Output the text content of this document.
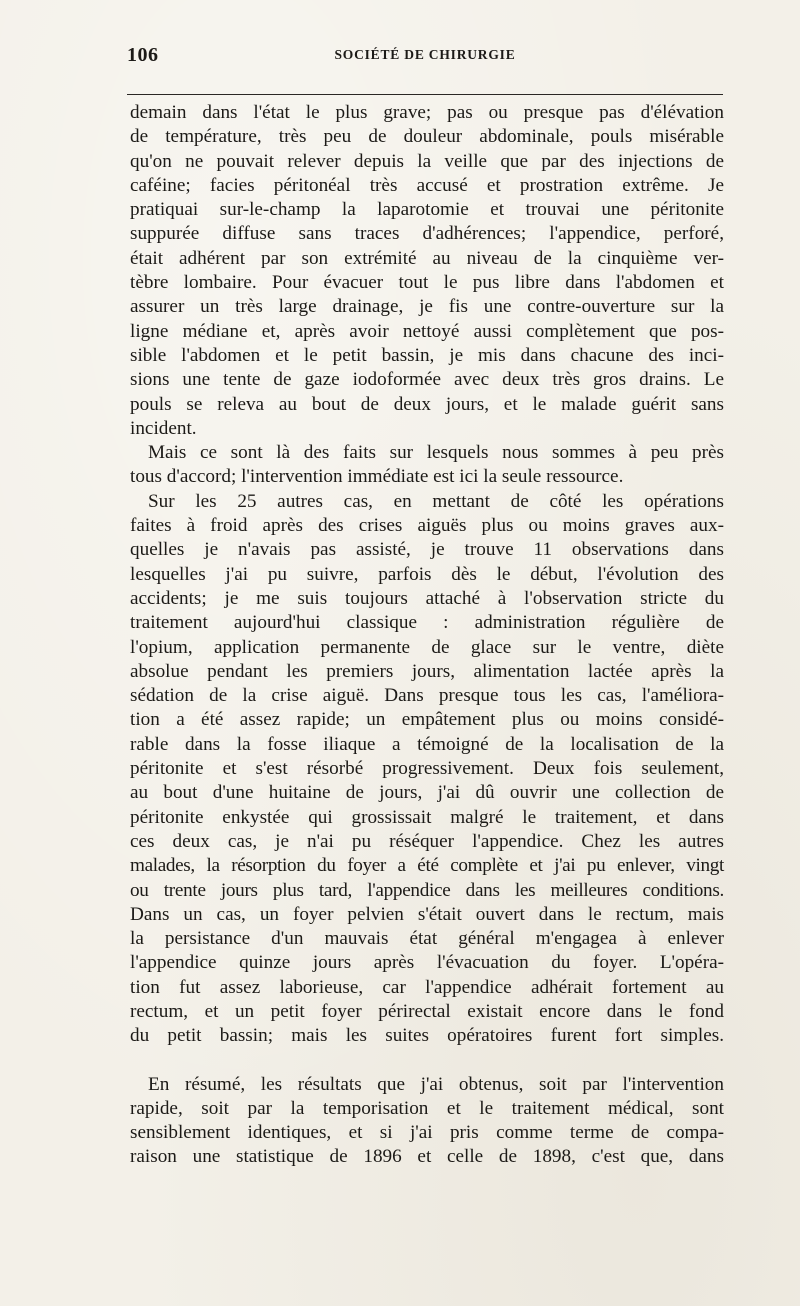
106	SOCIÉTÉ DE CHIRURGIE

demain dans l'état le plus grave; pas ou presque pas d'élévation

de température, très peu de douleur abdominale, pouls misérable

qu'on ne pouvait relever depuis la veille que par des injections de

caféine; facies péritonéal très accusé et prostration extrême. Je

pratiquai sur-le-champ la laparotomie et trouvai une péritonite

suppurée diffuse sans traces d'adhérences; l'appendice, perforé,

était adhérent par son extrémité au niveau de la cinquième ver-

tèbre lombaire. Pour évacuer tout le pus libre dans l'abdomen et

assurer un très large drainage, je fis une contre-ouverture sur la

ligne médiane et, après avoir nettoyé aussi complètement que pos-

sible l'abdomen et le petit bassin, je mis dans chacune des inci-

sions une tente de gaze iodoformée avec deux très gros drains. Le

pouls se releva au bout de deux jours, et le malade guérit sans

incident.

Mais ce sont là des faits sur lesquels nous sommes à peu près

tous d'accord; l'intervention immédiate est ici la seule ressource.

Sur les 25 autres cas, en mettant de côté les opérations

faites à froid après des crises aiguës plus ou moins graves aux-

quelles je n'avais pas assisté, je trouve 11 observations dans

lesquelles j'ai pu suivre, parfois dès le début, l'évolution des

accidents; je me suis toujours attaché à l'observation stricte du

traitement aujourd'hui classique : administration régulière de

l'opium, application permanente de glace sur le ventre, diète

absolue pendant les premiers jours, alimentation lactée après la

sédation de la crise aiguë. Dans presque tous les cas, l'améliora-

tion a été assez rapide; un empâtement plus ou moins considé-

rable dans la fosse iliaque a témoigné de la localisation de la

péritonite et s'est résorbé progressivement. Deux fois seulement,

au bout d'une huitaine de jours, j'ai dû ouvrir une collection de

péritonite enkystée qui grossissait malgré le traitement, et dans

ces deux cas, je n'ai pu réséquer l'appendice. Chez les autres

malades, la résorption du foyer a été complète et j'ai pu enlever, vingt

ou trente jours plus tard, l'appendice dans les meilleures conditions.

Dans un cas, un foyer pelvien s'était ouvert dans le rectum, mais

la persistance d'un mauvais état général m'engagea à enlever

l'appendice quinze jours après l'évacuation du foyer. L'opéra-

tion fut assez laborieuse, car l'appendice adhérait fortement au

rectum, et un petit foyer périrectal existait encore dans le fond

du petit bassin; mais les suites opératoires furent fort simples.

En résumé, les résultats que j'ai obtenus, soit par l'intervention

rapide, soit par la temporisation et le traitement médical, sont

sensiblement identiques, et si j'ai pris comme terme de compa-

raison une statistique de 1896 et celle de 1898, c'est que, dans
